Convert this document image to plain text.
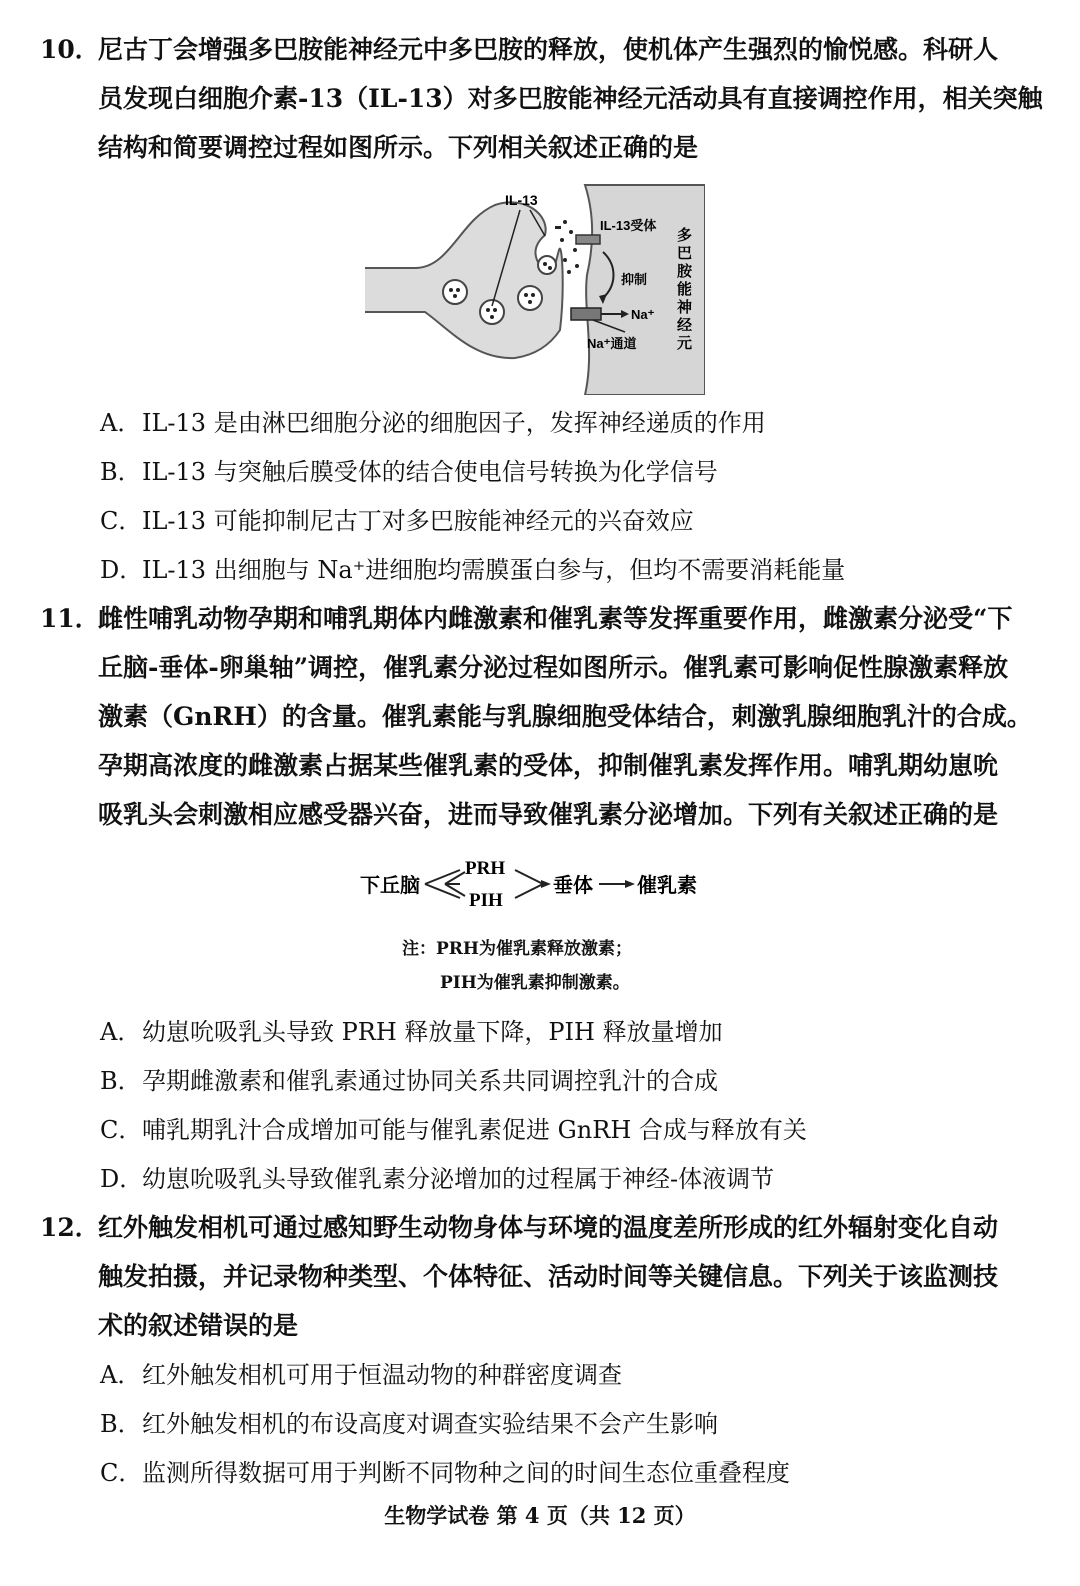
10．尼古丁会增强多巴胺能神经元中多巴胺的释放，使机体产生强烈的愉悦感。科研人
员发现白细胞介素-13（IL-13）对多巴胺能神经元活动具有直接调控作用，相关突触
结构和简要调控过程如图所示。下列相关叙述正确的是
IL-13
IL-13受体
抑制
Na⁺
Na⁺通道
多
巴
胺
能
神
经
元
A．IL-13 是由淋巴细胞分泌的细胞因子，发挥神经递质的作用
B．IL-13 与突触后膜受体的结合使电信号转换为化学信号
C．IL-13 可能抑制尼古丁对多巴胺能神经元的兴奋效应
D．IL-13 出细胞与 Na⁺进细胞均需膜蛋白参与，但均不需要消耗能量
11．雌性哺乳动物孕期和哺乳期体内雌激素和催乳素等发挥重要作用，雌激素分泌受“下
丘脑-垂体-卵巢轴”调控，催乳素分泌过程如图所示。催乳素可影响促性腺激素释放
激素（GnRH）的含量。催乳素能与乳腺细胞受体结合，刺激乳腺细胞乳汁的合成。
孕期高浓度的雌激素占据某些催乳素的受体，抑制催乳素发挥作用。哺乳期幼崽吮
吸乳头会刺激相应感受器兴奋，进而导致催乳素分泌增加。下列有关叙述正确的是
下丘脑
PRH
PIH
垂体 催乳素
注：PRH为催乳素释放激素；
PIH为催乳素抑制激素。
A．幼崽吮吸乳头导致 PRH 释放量下降，PIH 释放量增加
B．孕期雌激素和催乳素通过协同关系共同调控乳汁的合成
C．哺乳期乳汁合成增加可能与催乳素促进 GnRH 合成与释放有关
D．幼崽吮吸乳头导致催乳素分泌增加的过程属于神经-体液调节
12．红外触发相机可通过感知野生动物身体与环境的温度差所形成的红外辐射变化自动
触发拍摄，并记录物种类型、个体特征、活动时间等关键信息。下列关于该监测技
术的叙述错误的是
A．红外触发相机可用于恒温动物的种群密度调查
B．红外触发相机的布设高度对调查实验结果不会产生影响
C．监测所得数据可用于判断不同物种之间的时间生态位重叠程度
生物学试卷 第 4 页（共 12 页）
